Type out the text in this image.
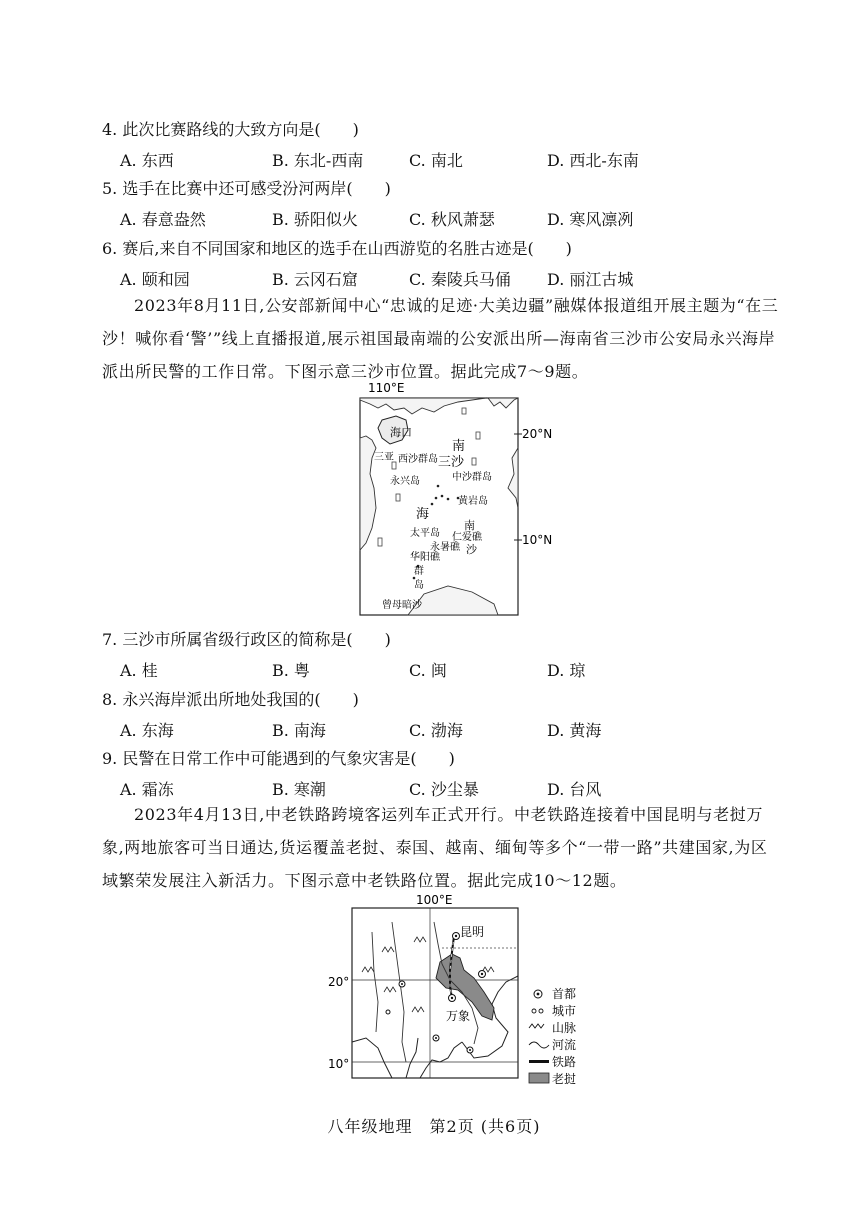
4. 此次比赛路线的大致方向是(　　)
A. 东西	B. 东北-西南	C. 南北	D. 西北-东南
5. 选手在比赛中还可感受汾河两岸(　　)
A. 春意盎然	B. 骄阳似火	C. 秋风萧瑟	D. 寒风凛冽
6. 赛后,来自不同国家和地区的选手在山西游览的名胜古迹是(　　)
A. 颐和园	B. 云冈石窟	C. 秦陵兵马俑 D. 丽江古城
2023年8月11日,公安部新闻中心“忠诚的足迹·大美边疆”融媒体报道组开展主题为“在三沙！喊你看‘警’”线上直播报道,展示祖国最南端的公安派出所—海南省三沙市公安局永兴海岸派出所民警的工作日常。下图示意三沙市位置。据此完成7～9题。
110°E
20°N
10°N
海口
南
三亚 西沙群岛 三沙
永兴岛	中沙群岛
黄岩岛
海
南
太平岛 仁爱礁
永暑礁 沙
华阳礁
群
岛
曾母暗沙
7. 三沙市所属省级行政区的简称是(　　)
A. 桂	B. 粤	C. 闽	D. 琼
8. 永兴海岸派出所地处我国的(　　)
A. 东海	B. 南海	C. 渤海	D. 黄海
9. 民警在日常工作中可能遇到的气象灾害是(　　)
A. 霜冻	B. 寒潮	C. 沙尘暴	D. 台风
2023年4月13日,中老铁路跨境客运列车正式开行。中老铁路连接着中国昆明与老挝万象,两地旅客可当日通达,货运覆盖老挝、泰国、越南、缅甸等多个“一带一路”共建国家,为区域繁荣发展注入新活力。下图示意中老铁路位置。据此完成10～12题。
100°E
20°
10°
昆明
万象
首都
城市
山脉
河流
铁路
老挝
八年级地理　第2页 (共6页)
